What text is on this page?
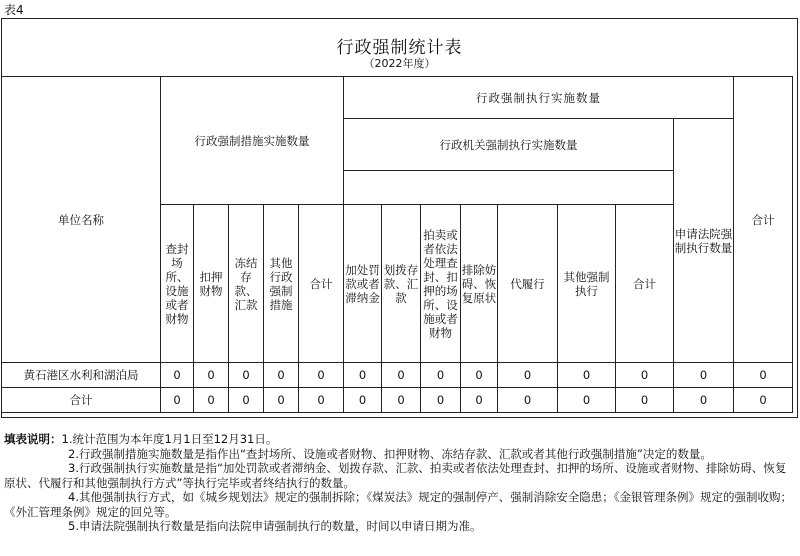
表4
行政强制统计表
（2022年度）
单位名称	行政强制措施实施数量					行政强制执行实施数量								合计
						行政机关强制执行实施数量							申请法院强制执行数量	

	查封场所、设施或者财物	扣押财物	冻结存款、汇款	其他行政强制措施	合计	加处罚款或者滞纳金	划拨存款、汇款	拍卖或者依法处理查封、扣押的场所、设施或者财物	排除妨碍、恢复原状	代履行	其他强制执行	合计		
黄石港区水利和湖泊局	0	0	0	0	0	0	0	0	0	0	0	0	0	0
合计	0	0	0	0	0	0	0	0	0	0	0	0	0	0
填表说明：1.统计范围为本年度1月1日至12月31日。
2.行政强制措施实施数量是指作出“查封场所、设施或者财物、扣押财物、冻结存款、汇款或者其他行政强制措施”决定的数量。
3.行政强制执行实施数量是指“加处罚款或者滞纳金、划拨存款、汇款、拍卖或者依法处理查封、扣押的场所、设施或者财物、排除妨碍、恢复原状、代履行和其他强制执行方式”等执行完毕或者终结执行的数量。
4.其他强制执行方式，如《城乡规划法》规定的强制拆除；《煤炭法》规定的强制停产、强制消除安全隐患；《金银管理条例》规定的强制收购；《外汇管理条例》规定的回兑等。
5.申请法院强制执行数量是指向法院申请强制执行的数量，时间以申请日期为准。
